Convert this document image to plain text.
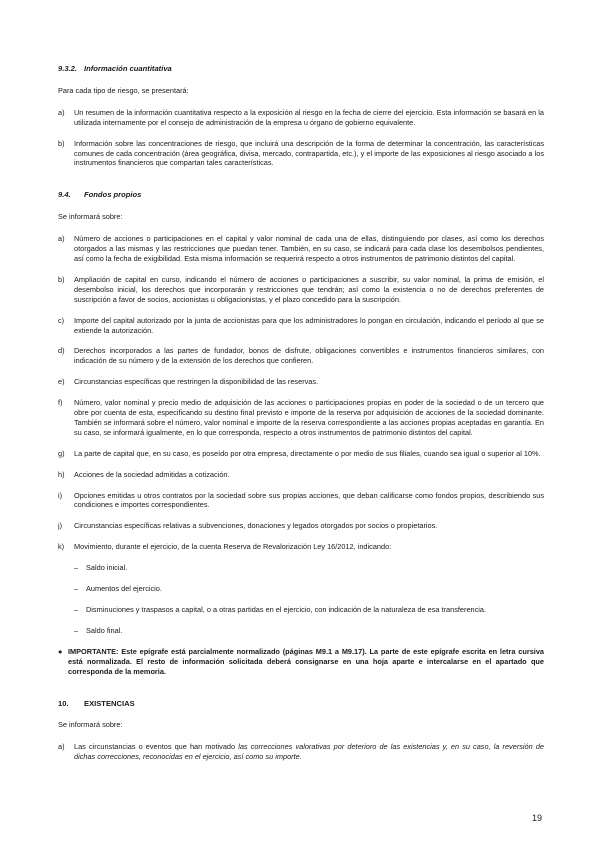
9.3.2. Información cuantitativa
Para cada tipo de riesgo, se presentará:
a)	Un resumen de la información cuantitativa respecto a la exposición al riesgo en la fecha de cierre del ejercicio. Esta información se basará en la utilizada internamente por el consejo de administración de la empresa u órgano de gobierno equivalente.
b)	Información sobre las concentraciones de riesgo, que incluirá una descripción de la forma de determinar la concentración, las características comunes de cada concentración (área geográfica, divisa, mercado, contrapartida, etc.), y el importe de las exposiciones al riesgo asociado a los instrumentos financieros que compartan tales características.
9.4. Fondos propios
Se informará sobre:
a)	Número de acciones o participaciones en el capital y valor nominal de cada una de ellas, distinguiendo por clases, así como los derechos otorgados a las mismas y las restricciones que puedan tener. También, en su caso, se indicará para cada clase los desembolsos pendientes, así como la fecha de exigibilidad. Esta misma información se requerirá respecto a otros instrumentos de patrimonio distintos del capital.
b)	Ampliación de capital en curso, indicando el número de acciones o participaciones a suscribir, su valor nominal, la prima de emisión, el desembolso inicial, los derechos que incorporarán y restricciones que tendrán; así como la existencia o no de derechos preferentes de suscripción a favor de socios, accionistas u obligacionistas, y el plazo concedido para la suscripción.
c)	Importe del capital autorizado por la junta de accionistas para que los administradores lo pongan en circulación, indicando el período al que se extiende la autorización.
d)	Derechos incorporados a las partes de fundador, bonos de disfrute, obligaciones convertibles e instrumentos financieros similares, con indicación de su número y de la extensión de los derechos que confieren.
e)	Circunstancias específicas que restringen la disponibilidad de las reservas.
f)	Número, valor nominal y precio medio de adquisición de las acciones o participaciones propias en poder de la sociedad o de un tercero que obre por cuenta de esta, especificando su destino final previsto e importe de la reserva por adquisición de acciones de la sociedad dominante. También se informará sobre el número, valor nominal e importe de la reserva correspondiente a las acciones propias aceptadas en garantía. En su caso, se informará igualmente, en lo que corresponda, respecto a otros instrumentos de patrimonio distintos del capital.
g)	La parte de capital que, en su caso, es poseído por otra empresa, directamente o por medio de sus filiales, cuando sea igual o superior al 10%.
h)	Acciones de la sociedad admitidas a cotización.
i)	Opciones emitidas u otros contratos por la sociedad sobre sus propias acciones, que deban calificarse como fondos propios, describiendo sus condiciones e importes correspondientes.
j)	Circunstancias específicas relativas a subvenciones, donaciones y legados otorgados por socios o propietarios.
k)	Movimiento, durante el ejercicio, de la cuenta Reserva de Revalorización Ley 16/2012, indicando:
–	Saldo inicial.
–	Aumentos del ejercicio.
–	Disminuciones y traspasos a capital, o a otras partidas en el ejercicio, con indicación de la naturaleza de esa transferencia.
–	Saldo final.
● IMPORTANTE: Este epígrafe está parcialmente normalizado (páginas M9.1 a M9.17). La parte de este epígrafe escrita en letra cursiva está normalizada. El resto de información solicitada deberá consignarse en una hoja aparte e intercalarse en el apartado que corresponda de la memoria.
10. EXISTENCIAS
Se informará sobre:
a)	Las circunstancias o eventos que han motivado las correcciones valorativas por deterioro de las existencias y, en su caso, la reversión de dichas correcciones, reconocidas en el ejercicio, así como su importe.
19
